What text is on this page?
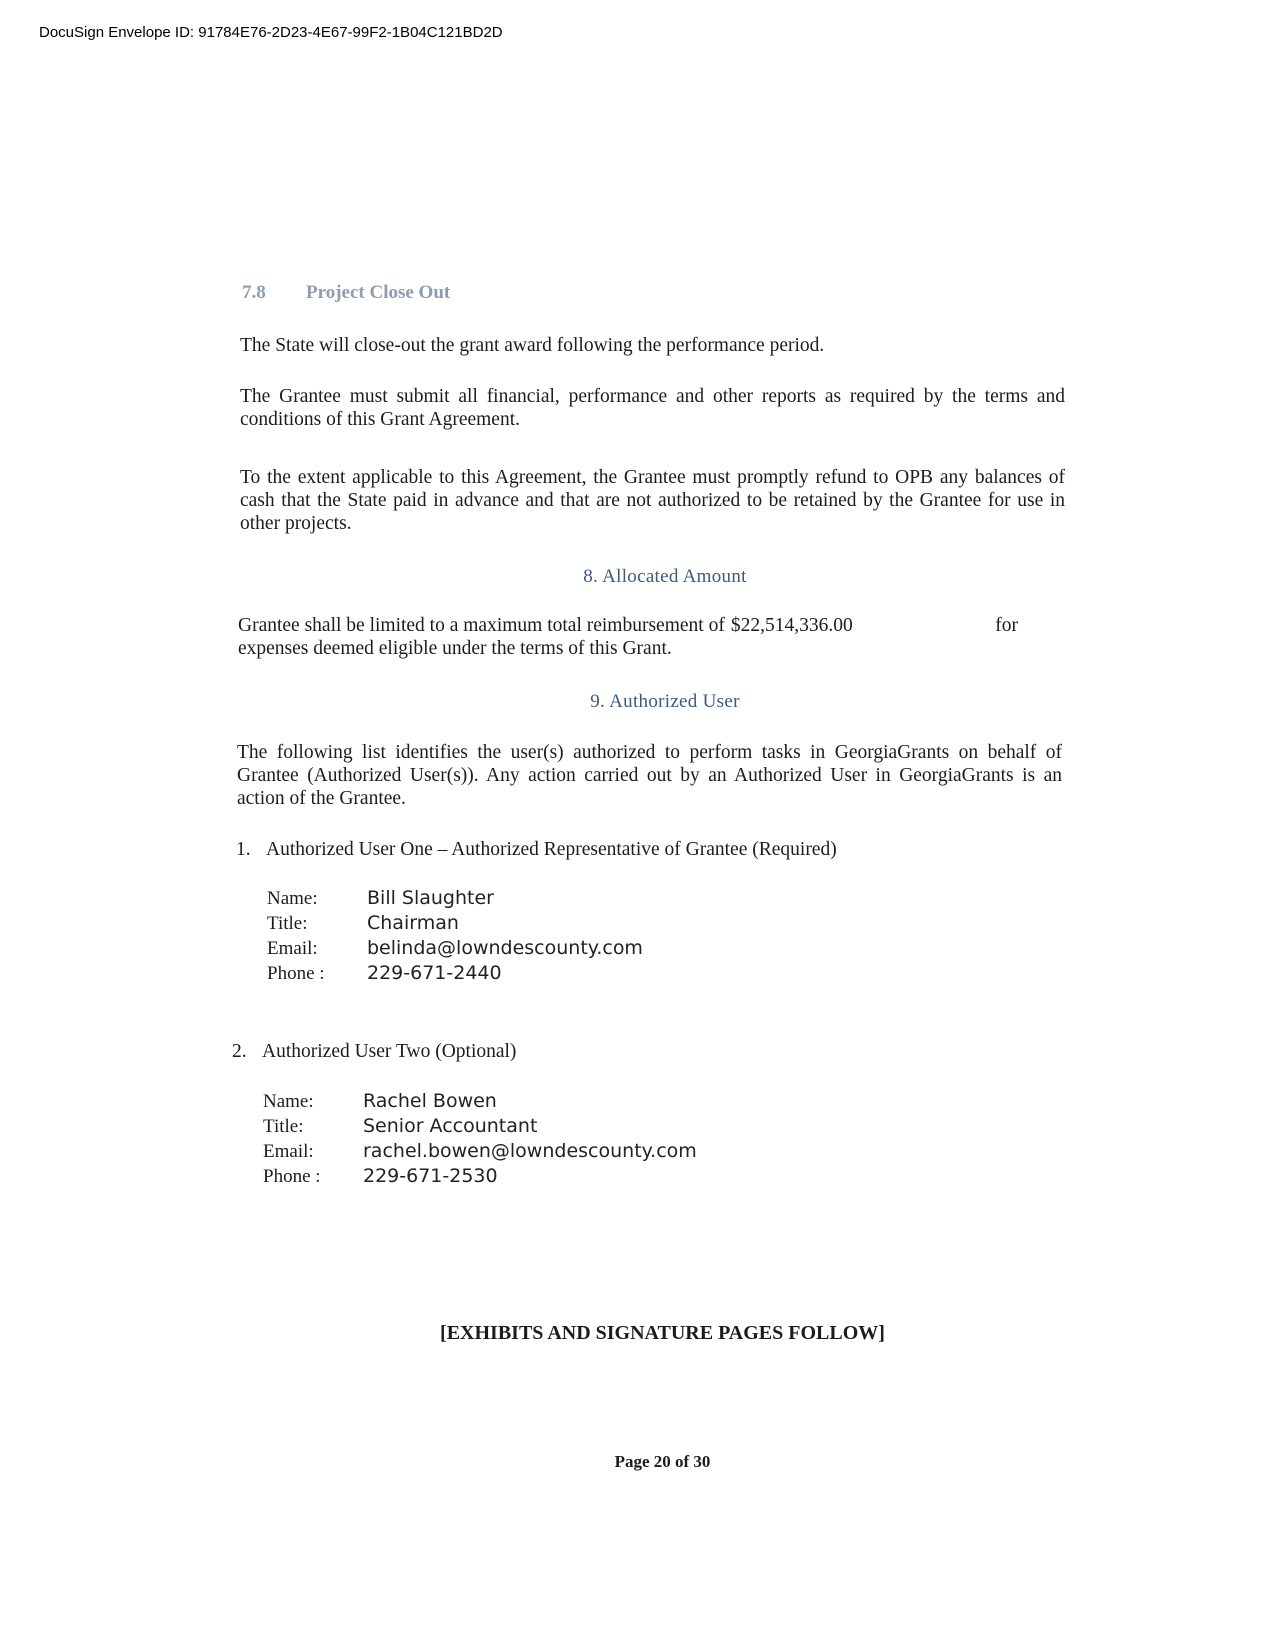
DocuSign Envelope ID: 91784E76-2D23-4E67-99F2-1B04C121BD2D
7.8 Project Close Out

The State will close-out the grant award following the performance period.

The Grantee must submit all financial, performance and other reports as required by the terms and conditions of this Grant Agreement.

To the extent applicable to this Agreement, the Grantee must promptly refund to OPB any balances of cash that the State paid in advance and that are not authorized to be retained by the Grantee for use in other projects.

8. Allocated Amount
Grantee shall be limited to a maximum total reimbursement of $22,514,336.00	for
expenses deemed eligible under the terms of this Grant.
9. Authorized User

The following list identifies the user(s) authorized to perform tasks in GeorgiaGrants on behalf of Grantee (Authorized User(s)). Any action carried out by an Authorized User in GeorgiaGrants is an action of the Grantee.

1. Authorized User One – Authorized Representative of Grantee (Required)
Name:	Bill Slaughter
Title:	Chairman
Email:	belinda@lowndescounty.com
Phone :	229-671-2440
2. Authorized User Two (Optional)
Name:	Rachel Bowen
Title:	Senior Accountant
Email:	rachel.bowen@lowndescounty.com
Phone :	229-671-2530
[EXHIBITS AND SIGNATURE PAGES FOLLOW]
Page 20 of 30
